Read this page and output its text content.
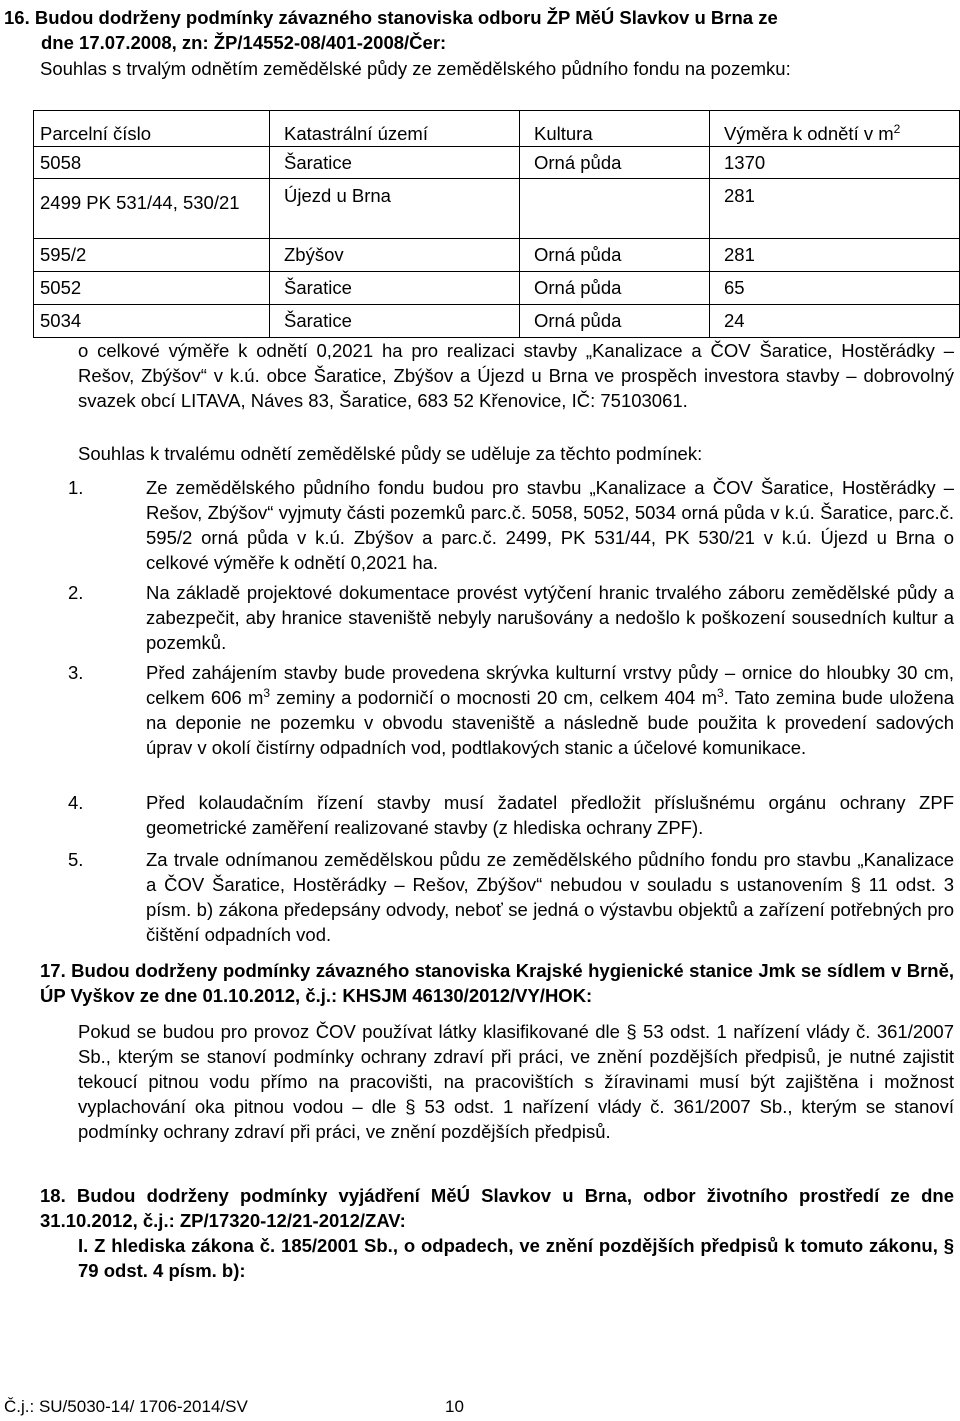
16. Budou dodrženy podmínky závazného stanoviska odboru ŽP MěÚ Slavkov u Brna ze
dne 17.07.2008, zn: ŽP/14552-08/401-2008/Čer:
Souhlas s trvalým odnětím zemědělské půdy ze zemědělského půdního fondu na pozemku:
Parcelní číslo	Katastrální území	Kultura	Výměra k odnětí v $m^2$
5058	Šaratice	Orná půda	1370
2499 PK 531/44, 530/21	Újezd u Brna		281
595/2	Zbýšov	Orná půda	281
5052	Šaratice	Orná půda	65
5034	Šaratice	Orná půda	24
o celkové výměře k odnětí 0,2021 ha pro realizaci stavby „Kanalizace a ČOV Šaratice, Hostěrádky – Rešov, Zbýšov“ v k.ú. obce Šaratice, Zbýšov a Újezd u Brna ve prospěch investora stavby – dobrovolný svazek obcí LITAVA, Náves 83, Šaratice, 683 52 Křenovice, IČ: 75103061.
Souhlas k trvalému odnětí zemědělské půdy se uděluje za těchto podmínek:
1.	Ze zemědělského půdního fondu budou pro stavbu „Kanalizace a ČOV Šaratice, Hostěrádky – Rešov, Zbýšov“ vyjmuty části pozemků parc.č. 5058, 5052, 5034 orná půda v k.ú. Šaratice, parc.č. 595/2 orná půda v k.ú. Zbýšov a parc.č. 2499, PK 531/44, PK 530/21 v k.ú. Újezd u Brna o celkové výměře k odnětí 0,2021 ha.
2.	Na základě projektové dokumentace provést vytýčení hranic trvalého záboru zemědělské půdy a zabezpečit, aby hranice staveniště nebyly narušovány a nedošlo k poškození sousedních kultur a pozemků.
3.	Před zahájením stavby bude provedena skrývka kulturní vrstvy půdy – ornice do hloubky 30 cm, celkem 606 $m^3$ zeminy a podorničí o mocnosti 20 cm, celkem 404 $m^3$. Tato zemina bude uložena na deponie ne pozemku v obvodu staveniště a následně bude použita k provedení sadových úprav v okolí čistírny odpadních vod, podtlakových stanic a účelové komunikace.
4.	Před kolaudačním řízení stavby musí žadatel předložit příslušnému orgánu ochrany ZPF geometrické zaměření realizované stavby (z hlediska ochrany ZPF).
5.	Za trvale odnímanou zemědělskou půdu ze zemědělského půdního fondu pro stavbu „Kanalizace a ČOV Šaratice, Hostěrádky – Rešov, Zbýšov“ nebudou v souladu s ustanovením § 11 odst. 3 písm. b) zákona předepsány odvody, neboť se jedná o výstavbu objektů a zařízení potřebných pro čištění odpadních vod.
17. Budou dodrženy podmínky závazného stanoviska Krajské hygienické stanice Jmk se sídlem v Brně, ÚP Vyškov ze dne 01.10.2012, č.j.: KHSJM 46130/2012/VY/HOK:
Pokud se budou pro provoz ČOV používat látky klasifikované dle § 53 odst. 1 nařízení vlády č. 361/2007 Sb., kterým se stanoví podmínky ochrany zdraví při práci, ve znění pozdějších předpisů, je nutné zajistit tekoucí pitnou vodu přímo na pracovišti, na pracovištích s žíravinami musí být zajištěna i možnost vyplachování oka pitnou vodou – dle § 53 odst. 1 nařízení vlády č. 361/2007 Sb., kterým se stanoví podmínky ochrany zdraví při práci, ve znění pozdějších předpisů.
18. Budou dodrženy podmínky vyjádření MěÚ Slavkov u Brna, odbor životního prostředí ze dne 31.10.2012, č.j.: ZP/17320-12/21-2012/ZAV:
I. Z hlediska zákona č. 185/2001 Sb., o odpadech, ve znění pozdějších předpisů k tomuto zákonu, § 79 odst. 4 písm. b):
Č.j.: SU/5030-14/ 1706-2014/SV	10
